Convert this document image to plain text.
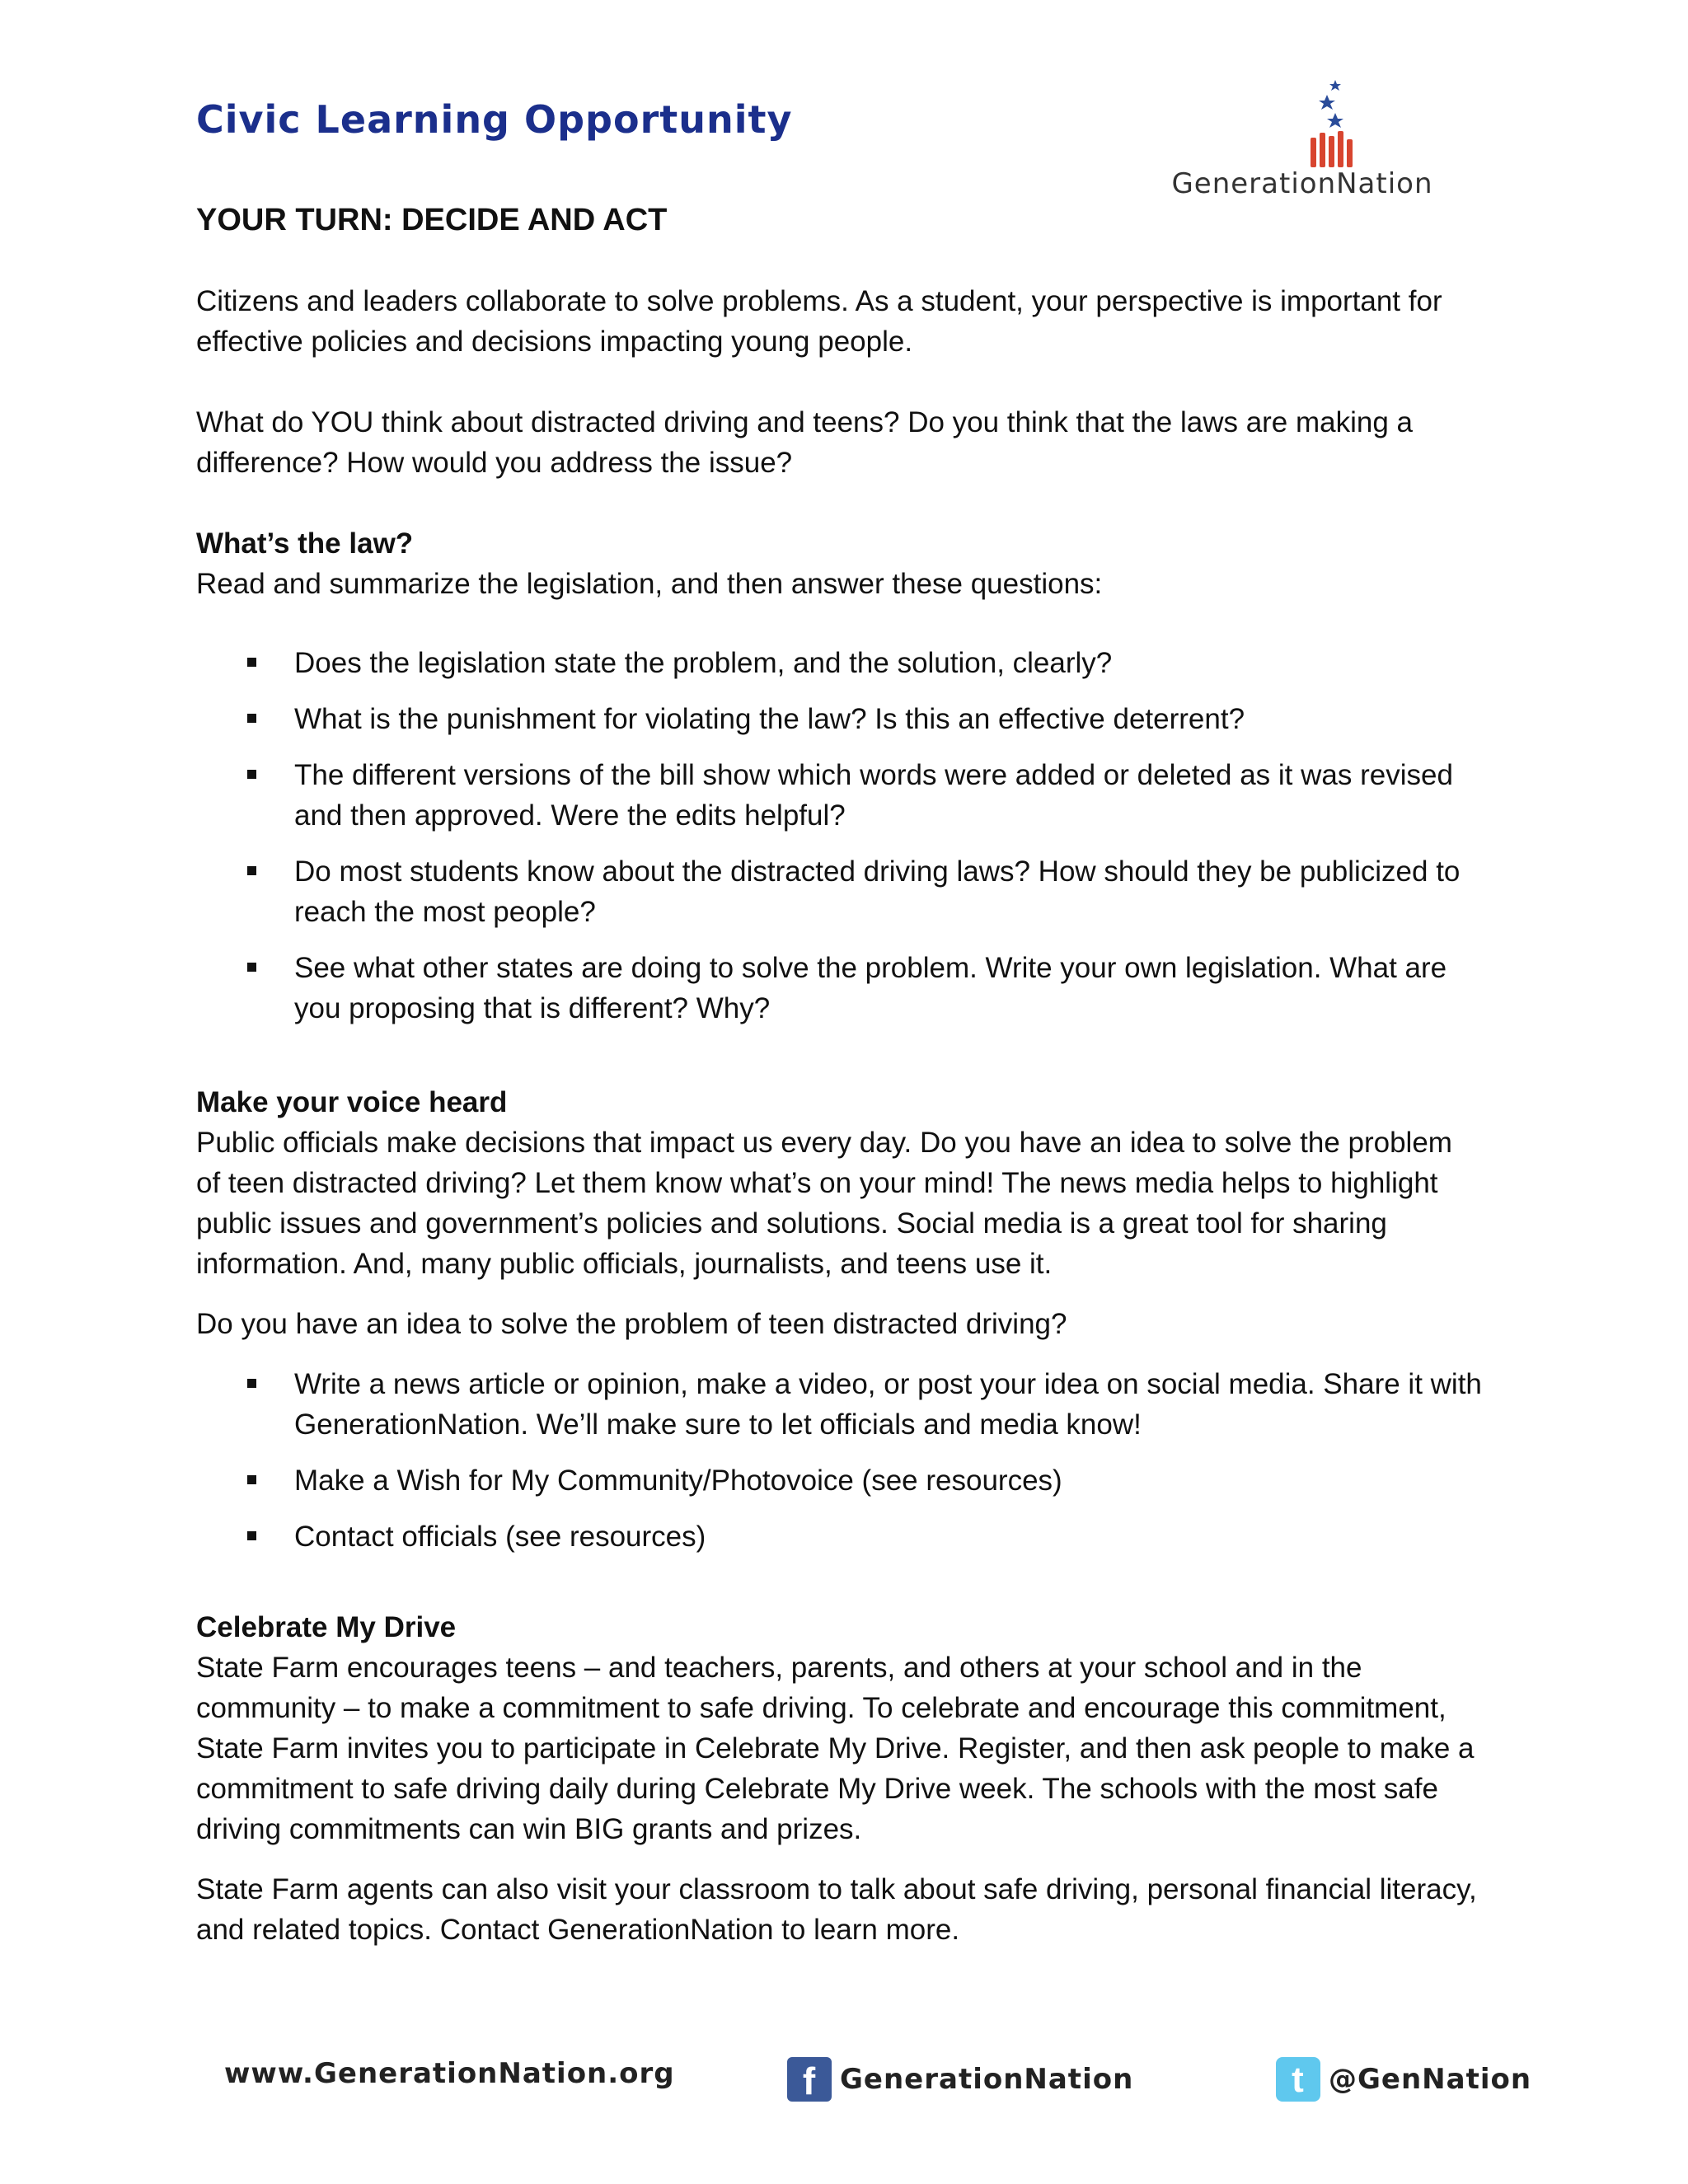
Civic Learning Opportunity
GenerationNation
YOUR TURN: DECIDE AND ACT

Citizens and leaders collaborate to solve problems. As a student, your perspective is important for effective policies and decisions impacting young people.

What do YOU think about distracted driving and teens? Do you think that the laws are making a difference? How would you address the issue?

What’s the law?

Read and summarize the legislation, and then answer these questions:

Does the legislation state the problem, and the solution, clearly?
What is the punishment for violating the law? Is this an effective deterrent?
The different versions of the bill show which words were added or deleted as it was revised and then approved. Were the edits helpful?
Do most students know about the distracted driving laws? How should they be publicized to reach the most people?
See what other states are doing to solve the problem. Write your own legislation. What are you proposing that is different? Why?
Make your voice heard

Public officials make decisions that impact us every day. Do you have an idea to solve the problem of teen distracted driving? Let them know what’s on your mind! The news media helps to highlight public issues and government’s policies and solutions. Social media is a great tool for sharing information. And, many public officials, journalists, and teens use it.

Do you have an idea to solve the problem of teen distracted driving?

Write a news article or opinion, make a video, or post your idea on social media. Share it with GenerationNation. We’ll make sure to let officials and media know!
Make a Wish for My Community/Photovoice (see resources)
Contact officials (see resources)
Celebrate My Drive

State Farm encourages teens – and teachers, parents, and others at your school and in the community – to make a commitment to safe driving. To celebrate and encourage this commitment, State Farm invites you to participate in Celebrate My Drive. Register, and then ask people to make a commitment to safe driving daily during Celebrate My Drive week. The schools with the most safe driving commitments can win BIG grants and prizes.

State Farm agents can also visit your classroom to talk about safe driving, personal financial literacy, and related topics. Contact GenerationNation to learn more.

www.GenerationNation.org	f GenerationNation	t @GenNation
